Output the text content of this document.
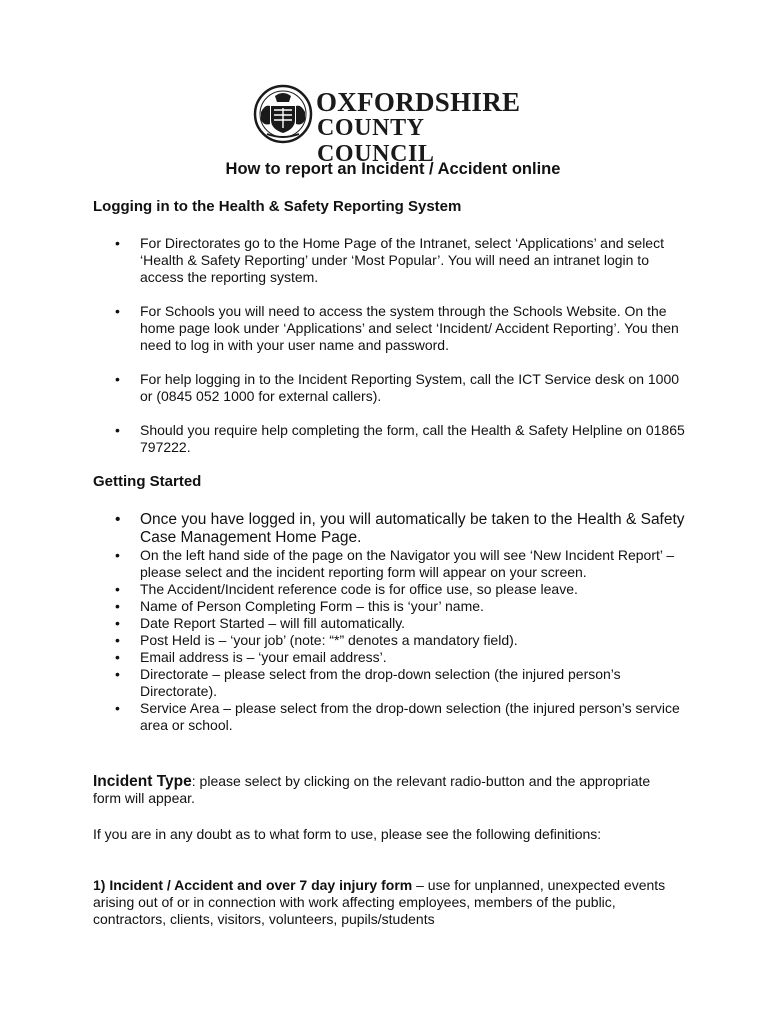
OXFORDSHIRE
COUNTY COUNCIL
How to report an Incident / Accident online
Logging in to the Health & Safety Reporting System
• For Directorates go to the Home Page of the Intranet, select ‘Applications’ and select ‘Health & Safety Reporting’ under ‘Most Popular’. You will need an intranet login to access the reporting system.
• For Schools you will need to access the system through the Schools Website. On the home page look under ‘Applications’ and select ‘Incident/ Accident Reporting’. You then need to log in with your user name and password.
• For help logging in to the Incident Reporting System, call the ICT Service desk on 1000 or (0845 052 1000 for external callers).
• Should you require help completing the form, call the Health & Safety Helpline on 01865 797222.
Getting Started
• Once you have logged in, you will automatically be taken to the Health & Safety Case Management Home Page.
• On the left hand side of the page on the Navigator you will see ‘New Incident Report’ – please select and the incident reporting form will appear on your screen.
• The Accident/Incident reference code is for office use, so please leave.
• Name of Person Completing Form – this is ‘your’ name.
• Date Report Started – will fill automatically.
• Post Held is – ‘your job’ (note: “*” denotes a mandatory field).
• Email address is – ‘your email address’.
• Directorate – please select from the drop-down selection (the injured person’s Directorate).
• Service Area – please select from the drop-down selection (the injured person’s service area or school.

Incident Type: please select by clicking on the relevant radio-button and the appropriate form will appear.

If you are in any doubt as to what form to use, please see the following definitions:

1) Incident / Accident and over 7 day injury form – use for unplanned, unexpected events arising out of or in connection with work affecting employees, members of the public, contractors, clients, visitors, volunteers, pupils/students
